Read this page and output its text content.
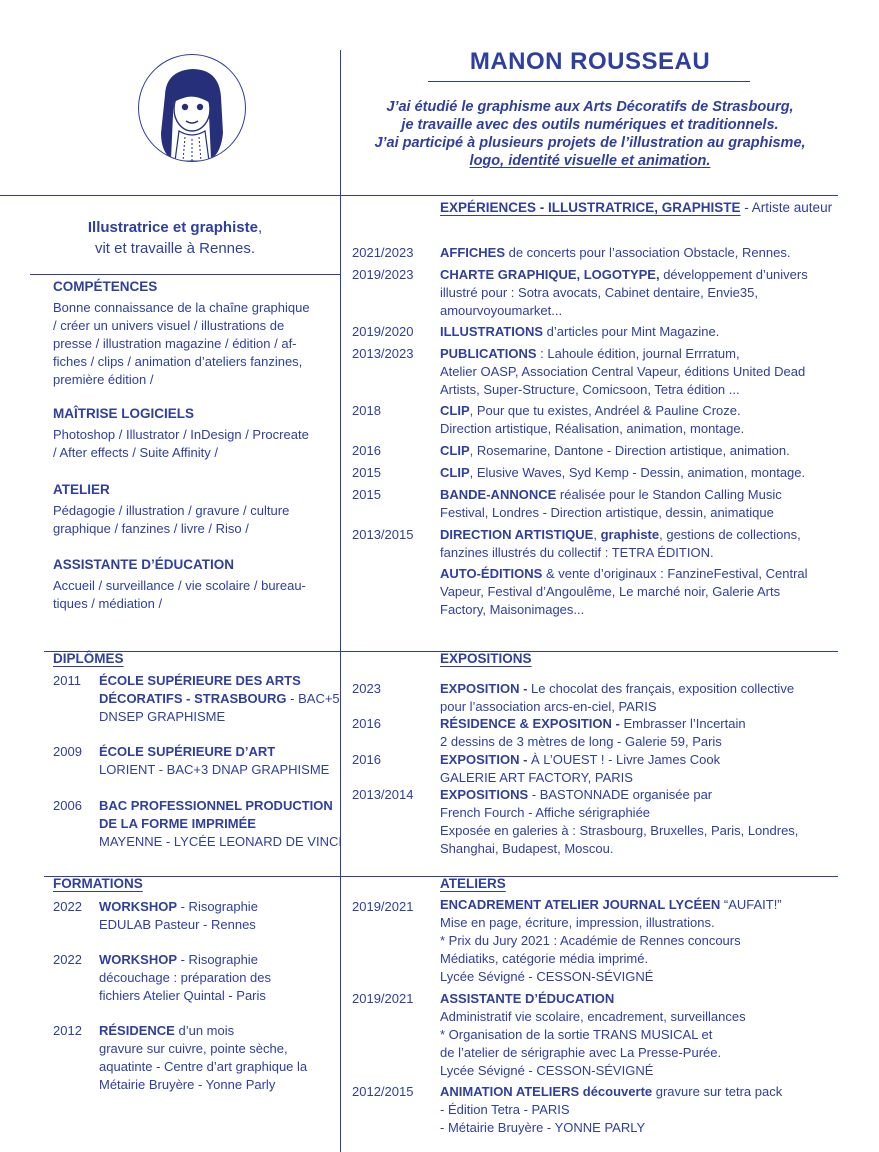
MANON ROUSSEAU
J’ai étudié le graphisme aux Arts Décoratifs de Strasbourg,
je travaille avec des outils numériques et traditionnels.
J’ai participé à plusieurs projets de l’illustration au graphisme,
logo, identité visuelle et animation.
Illustratrice et graphiste,
vit et travaille à Rennes.
COMPÉTENCES
Bonne connaissance de la chaîne graphique
/ créer un univers visuel / illustrations de
presse / illustration magazine / édition / af-
fiches / clips / animation d’ateliers fanzines,
première édition /
MAÎTRISE LOGICIELS
Photoshop / Illustrator / InDesign / Procreate
/ After effects / Suite Affinity /
ATELIER
Pédagogie / illustration / gravure / culture
graphique / fanzines / livre / Riso /
ASSISTANTE D’ÉDUCATION
Accueil / surveillance / vie scolaire / bureau-
tiques / médiation /
EXPÉRIENCES - ILLUSTRATRICE, GRAPHISTE - Artiste auteur
2021/2023 AFFICHES de concerts pour l’association Obstacle, Rennes.
2019/2023 CHARTE GRAPHIQUE, LOGOTYPE, développement d’univers
illustré pour : Sotra avocats, Cabinet dentaire, Envie35,
amourvoyoumarket...
2019/2020 ILLUSTRATIONS d’articles pour Mint Magazine.
2013/2023 PUBLICATIONS : Lahoule édition, journal Errratum,
Atelier OASP, Association Central Vapeur, éditions United Dead
Artists, Super-Structure, Comicsoon, Tetra édition ...
2018	CLIP, Pour que tu existes, Andréel & Pauline Croze.
Direction artistique, Réalisation, animation, montage.
2016	CLIP, Rosemarine, Dantone - Direction artistique, animation.
2015	CLIP, Elusive Waves, Syd Kemp - Dessin, animation, montage.
2015	BANDE-ANNONCE réalisée pour le Standon Calling Music
Festival, Londres - Direction artistique, dessin, animatique
2013/2015 DIRECTION ARTISTIQUE, graphiste, gestions de collections,
fanzines illustrés du collectif : TETRA ÉDITION.
AUTO-ÉDITIONS & vente d’originaux : FanzineFestival, Central
Vapeur, Festival d’Angoulême, Le marché noir, Galerie Arts
Factory, Maisonimages...
DIPLÔMES
2011 ÉCOLE SUPÉRIEURE DES ARTS
DÉCORATIFS - STRASBOURG - BAC+5
DNSEP GRAPHISME
2009 ÉCOLE SUPÉRIEURE D’ART
LORIENT - BAC+3 DNAP GRAPHISME
2006 BAC PROFESSIONNEL PRODUCTION
DE LA FORME IMPRIMÉE
MAYENNE - LYCÉE LEONARD DE VINCI
FORMATIONS
2022 WORKSHOP - Risographie
EDULAB Pasteur - Rennes
2022 WORKSHOP - Risographie
découchage : préparation des
fichiers Atelier Quintal - Paris
2012 RÉSIDENCE d’un mois
gravure sur cuivre, pointe sèche,
aquatinte - Centre d’art graphique la
Métairie Bruyère - Yonne Parly
EXPOSITIONS
2023	EXPOSITION - Le chocolat des français, exposition collective
pour l’association arcs-en-ciel, PARIS
2016	RÉSIDENCE & EXPOSITION - Embrasser l’Incertain
2 dessins de 3 mètres de long - Galerie 59, Paris
2016	EXPOSITION - À L’OUEST ! - Livre James Cook
GALERIE ART FACTORY, PARIS
2013/2014 EXPOSITIONS - BASTONNADE organisée par
French Fourch - Affiche sérigraphiée
Exposée en galeries à : Strasbourg, Bruxelles, Paris, Londres,
Shanghai, Budapest, Moscou.
ATELIERS
2019/2021 ENCADREMENT ATELIER JOURNAL LYCÉEN “AUFAIT!”
Mise en page, écriture, impression, illustrations.
* Prix du Jury 2021 : Académie de Rennes concours
Médiatiks, catégorie média imprimé.
Lycée Sévigné - CESSON-SÉVIGNÉ
2019/2021 ASSISTANTE D’ÉDUCATION
Administratif vie scolaire, encadrement, surveillances
* Organisation de la sortie TRANS MUSICAL et
de l’atelier de sérigraphie avec La Presse-Purée.
Lycée Sévigné - CESSON-SÉVIGNÉ
2012/2015 ANIMATION ATELIERS découverte gravure sur tetra pack
- Édition Tetra - PARIS
- Métairie Bruyère - YONNE PARLY
